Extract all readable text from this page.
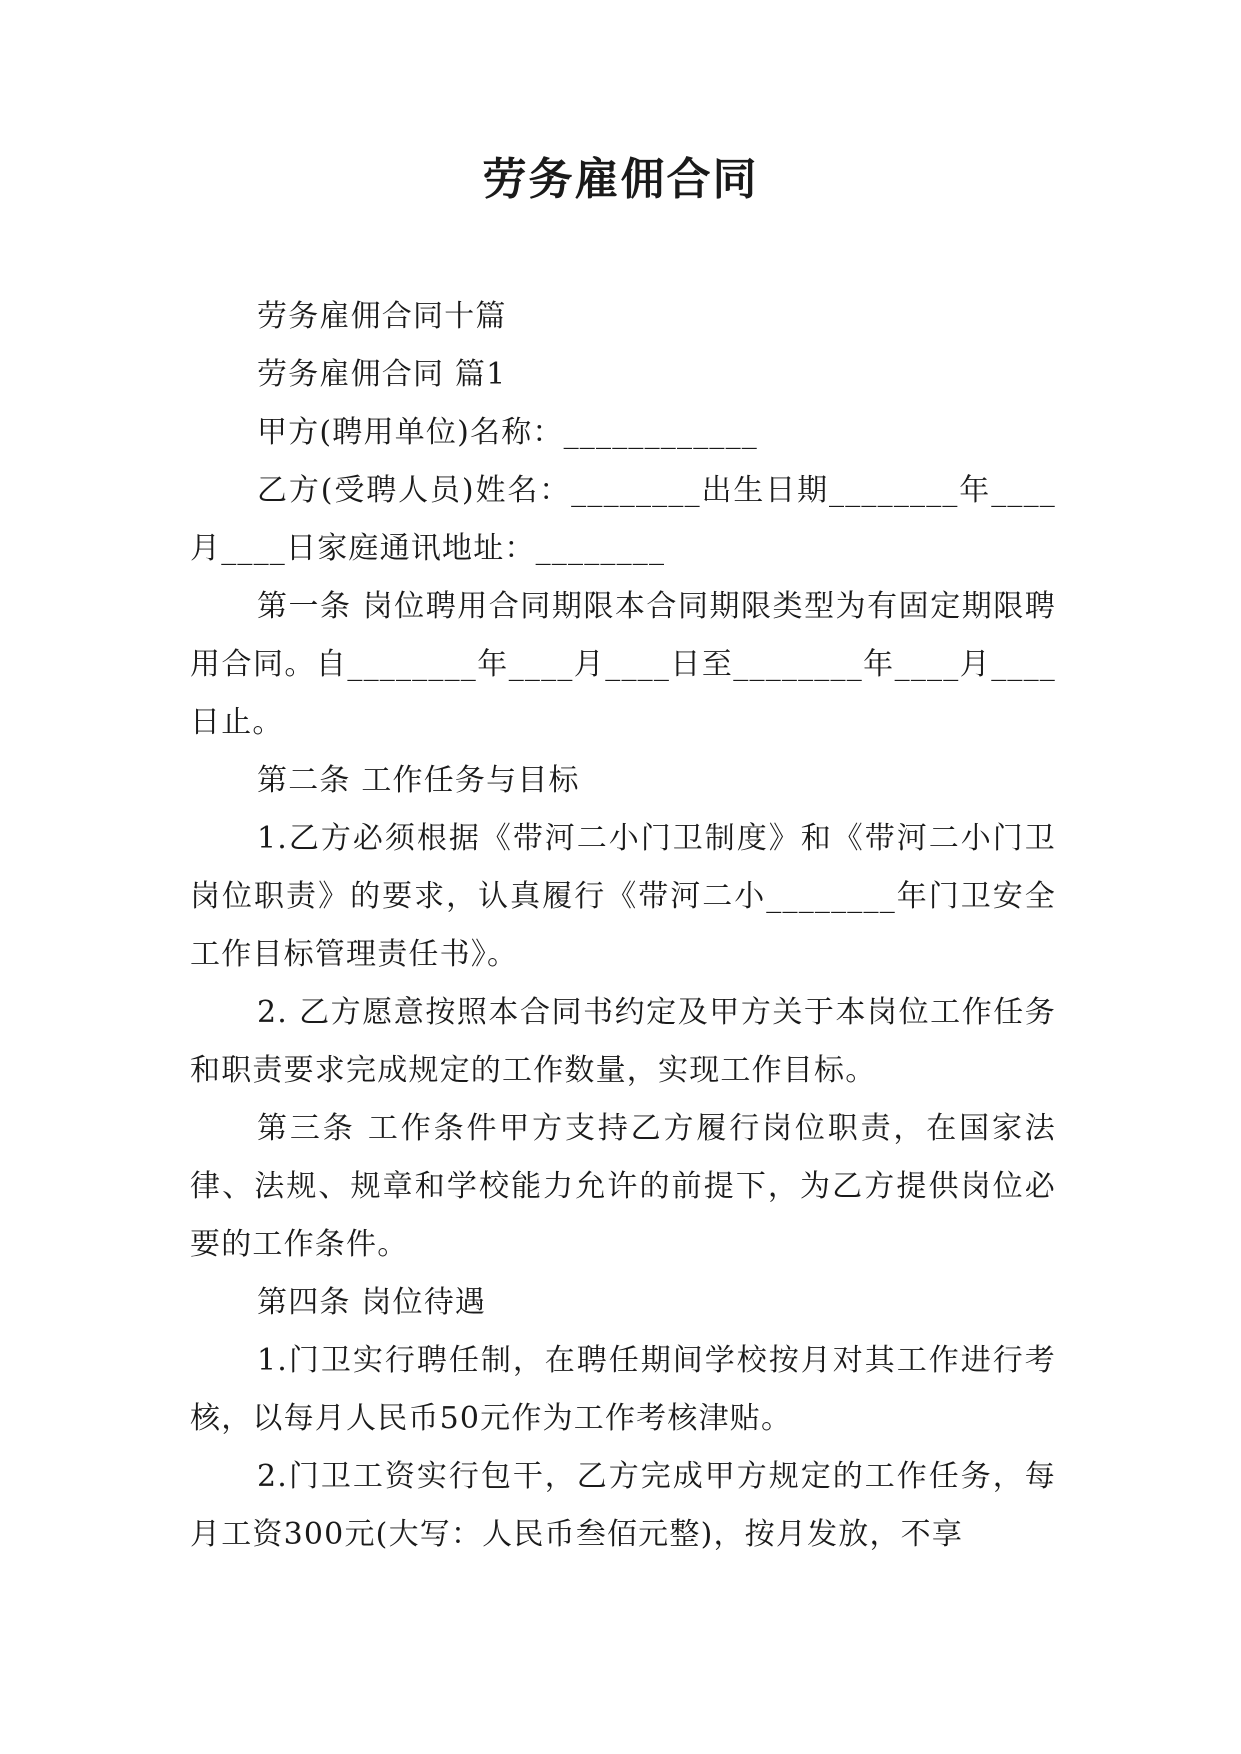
劳务雇佣合同

劳务雇佣合同十篇

劳务雇佣合同 篇1

甲方(聘用单位)名称：____________

乙方(受聘人员)姓名：________出生日期________年____月____日家庭通讯地址：________

第一条 岗位聘用合同期限本合同期限类型为有固定期限聘用合同。自________年____月____日至________年____月____日止。

第二条 工作任务与目标

1.乙方必须根据《带河二小门卫制度》和《带河二小门卫岗位职责》的要求，认真履行《带河二小________年门卫安全工作目标管理责任书》。

2. 乙方愿意按照本合同书约定及甲方关于本岗位工作任务和职责要求完成规定的工作数量，实现工作目标。

第三条 工作条件甲方支持乙方履行岗位职责，在国家法律、法规、规章和学校能力允许的前提下，为乙方提供岗位必要的工作条件。

第四条 岗位待遇

1.门卫实行聘任制，在聘任期间学校按月对其工作进行考核，以每月人民币50元作为工作考核津贴。

2.门卫工资实行包干，乙方完成甲方规定的工作任务，每月工资300元(大写：人民币叁佰元整)，按月发放，不享
